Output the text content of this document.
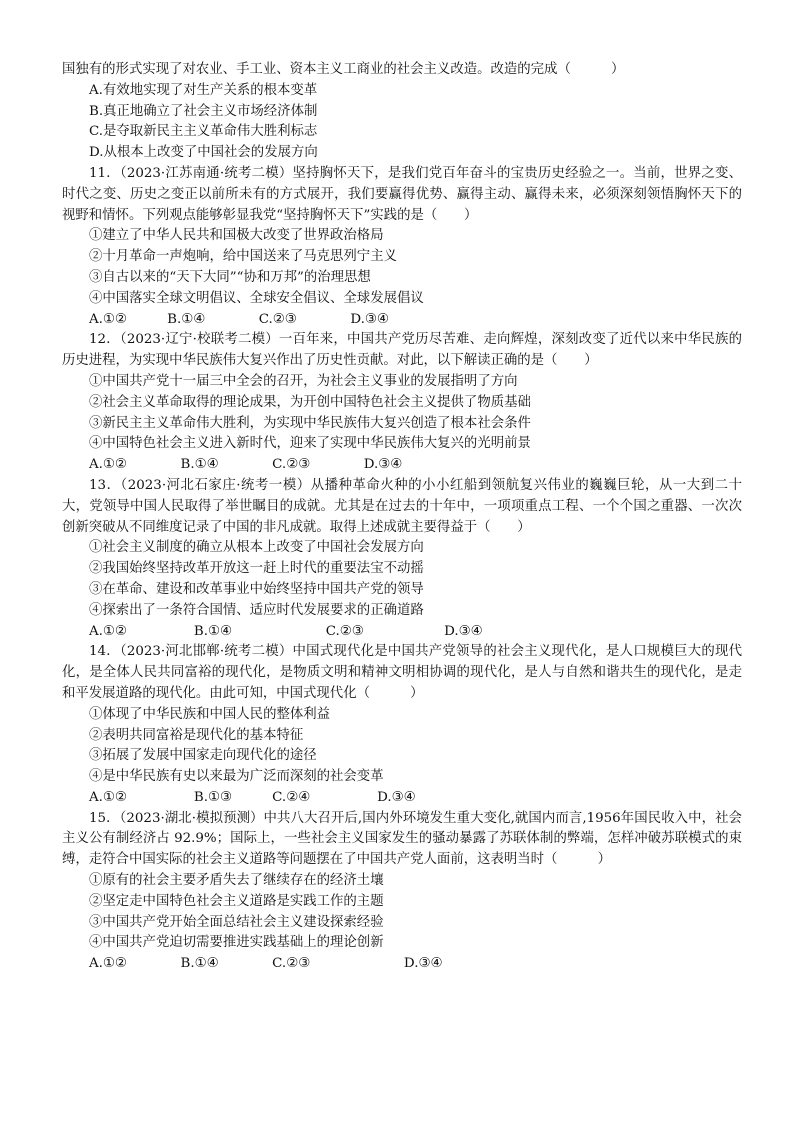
国独有的形式实现了对农业、手工业、资本主义工商业的社会主义改造。改造的完成（　　　）
A.有效地实现了对生产关系的根本变革
B.真正地确立了社会主义市场经济体制
C.是夺取新民主主义革命伟大胜利标志
D.从根本上改变了中国社会的发展方向
11．（2023·江苏南通·统考二模）坚持胸怀天下，是我们党百年奋斗的宝贵历史经验之一。当前，世界之变、时代之变、历史之变正以前所未有的方式展开，我们要赢得优势、赢得主动、赢得未来，必须深刻领悟胸怀天下的视野和情怀。下列观点能够彰显我党“坚持胸怀天下”实践的是（　　）
①建立了中华人民共和国极大改变了世界政治格局
②十月革命一声炮响，给中国送来了马克思列宁主义
③自古以来的“天下大同”“协和万邦”的治理思想
④中国落实全球文明倡议、全球安全倡议、全球发展倡议
A.①②　　　B.①④　　　　C.②③　　　　D.③④
12．（2023·辽宁·校联考二模）一百年来，中国共产党历尽苦难、走向辉煌，深刻改变了近代以来中华民族的历史进程，为实现中华民族伟大复兴作出了历史性贡献。对此，以下解读正确的是（　　）
①中国共产党十一届三中全会的召开，为社会主义事业的发展指明了方向
②社会主义革命取得的理论成果，为开创中国特色社会主义提供了物质基础
③新民主主义革命伟大胜利，为实现中华民族伟大复兴创造了根本社会条件
④中国特色社会主义进入新时代，迎来了实现中华民族伟大复兴的光明前景
A.①②　　　　B.①④　　　　C.②③　　　　D.③④
13．（2023·河北石家庄·统考一模）从播种革命火种的小小红船到领航复兴伟业的巍巍巨轮，从一大到二十大，党领导中国人民取得了举世瞩目的成就。尤其是在过去的十年中，一项项重点工程、一个个国之重器、一次次创新突破从不同维度记录了中国的非凡成就。取得上述成就主要得益于（　　）
①社会主义制度的确立从根本上改变了中国社会发展方向
②我国始终坚持改革开放这一赶上时代的重要法宝不动摇
③在革命、建设和改革事业中始终坚持中国共产党的领导
④探索出了一条符合国情、适应时代发展要求的正确道路
A.①②　　　　　B.①④　　　　　　　C.②③　　　　　　D.③④
14．（2023·河北邯郸·统考二模）中国式现代化是中国共产党领导的社会主义现代化，是人口规模巨大的现代化，是全体人民共同富裕的现代化，是物质文明和精神文明相协调的现代化，是人与自然和谐共生的现代化，是走和平发展道路的现代化。由此可知，中国式现代化（　　　）
①体现了中华民族和中国人民的整体利益
②表明共同富裕是现代化的基本特征
③拓展了发展中国家走向现代化的途径
④是中华民族有史以来最为广泛而深刻的社会变革
A.①②　　　　　B.①③　　　C.②④　　　　　D.③④
15．（2023·湖北·模拟预测）中共八大召开后,国内外环境发生重大变化,就国内而言,1956年国民收入中，社会主义公有制经济占 92.9%；国际上，一些社会主义国家发生的骚动暴露了苏联体制的弊端，怎样冲破苏联模式的束缚，走符合中国实际的社会主义道路等问题摆在了中国共产党人面前，这表明当时（　　　）
①原有的社会主要矛盾失去了继续存在的经济土壤
②坚定走中国特色社会主义道路是实践工作的主题
③中国共产党开始全面总结社会主义建设探索经验
④中国共产党迫切需要推进实践基础上的理论创新
A.①②　　　　B.①④　　　　C.②③　　　　　　　D.③④
